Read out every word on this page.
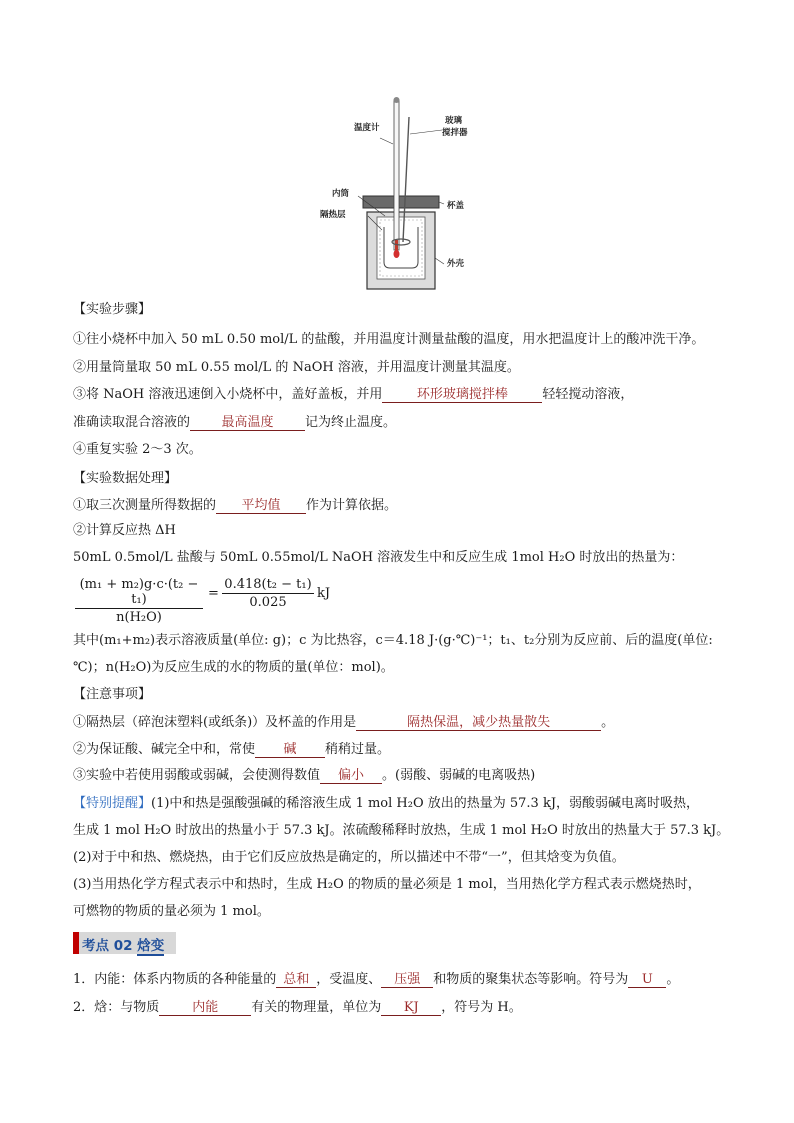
温度计
玻璃
搅拌器
内筒
隔热层
杯盖
外壳
【实验步骤】
①往小烧杯中加入 50 mL 0.50 mol/L 的盐酸，并用温度计测量盐酸的温度，用水把温度计上的酸冲洗干净。
②用量筒量取 50 mL 0.55 mol/L 的 NaOH 溶液，并用温度计测量其温度。
③将 NaOH 溶液迅速倒入小烧杯中，盖好盖板，并用	环形玻璃搅拌棒	轻轻搅动溶液，
准确读取混合溶液的 最高温度 记为终止温度。
④重复实验 2～3 次。
【实验数据处理】
①取三次测量所得数据的 平均值 作为计算依据。
②计算反应热 ΔH
50mL 0.5mol/L 盐酸与 50mL 0.55mol/L NaOH 溶液发生中和反应生成 1mol H₂O 时放出的热量为：
$\frac{\text{(m₁ + m₂)g·c·(t₂ − t₁)}}{\text{n(H₂O)}} = \frac{\text{0.418(t₂ − t₁)}}{0.025}$ kJ
其中(m₁+m₂)表示溶液质量(单位: g)；c 为比热容，c＝4.18 J·(g·℃)⁻¹；t₁、t₂分别为反应前、后的温度(单位:
℃)；n(H₂O)为反应生成的水的物质的量(单位：mol)。
【注意事项】
①隔热层（碎泡沫塑料(或纸条)）及杯盖的作用是	隔热保温，减少热量散失	。
②为保证酸、碱完全中和，常使 碱 稍稍过量。
③实验中若使用弱酸或弱碱，会使测得数值 偏小 。(弱酸、弱碱的电离吸热)
【特别提醒】(1)中和热是强酸强碱的稀溶液生成 1 mol H₂O 放出的热量为 57.3 kJ，弱酸弱碱电离时吸热，
生成 1 mol H₂O 时放出的热量小于 57.3 kJ。浓硫酸稀释时放热，生成 1 mol H₂O 时放出的热量大于 57.3 kJ。
(2)对于中和热、燃烧热，由于它们反应放热是确定的，所以描述中不带“一”，但其焓变为负值。
(3)当用热化学方程式表示中和热时，生成 H₂O 的物质的量必须是 1 mol，当用热化学方程式表示燃烧热时，
可燃物的物质的量必须为 1 mol。
考点 02 焓变
1．内能：体系内物质的各种能量的 总和 ，受温度、 压强 和物质的聚集状态等影响。符号为 U 。
2．焓：与物质	内能	有关的物理量，单位为 KJ ，符号为 H。
